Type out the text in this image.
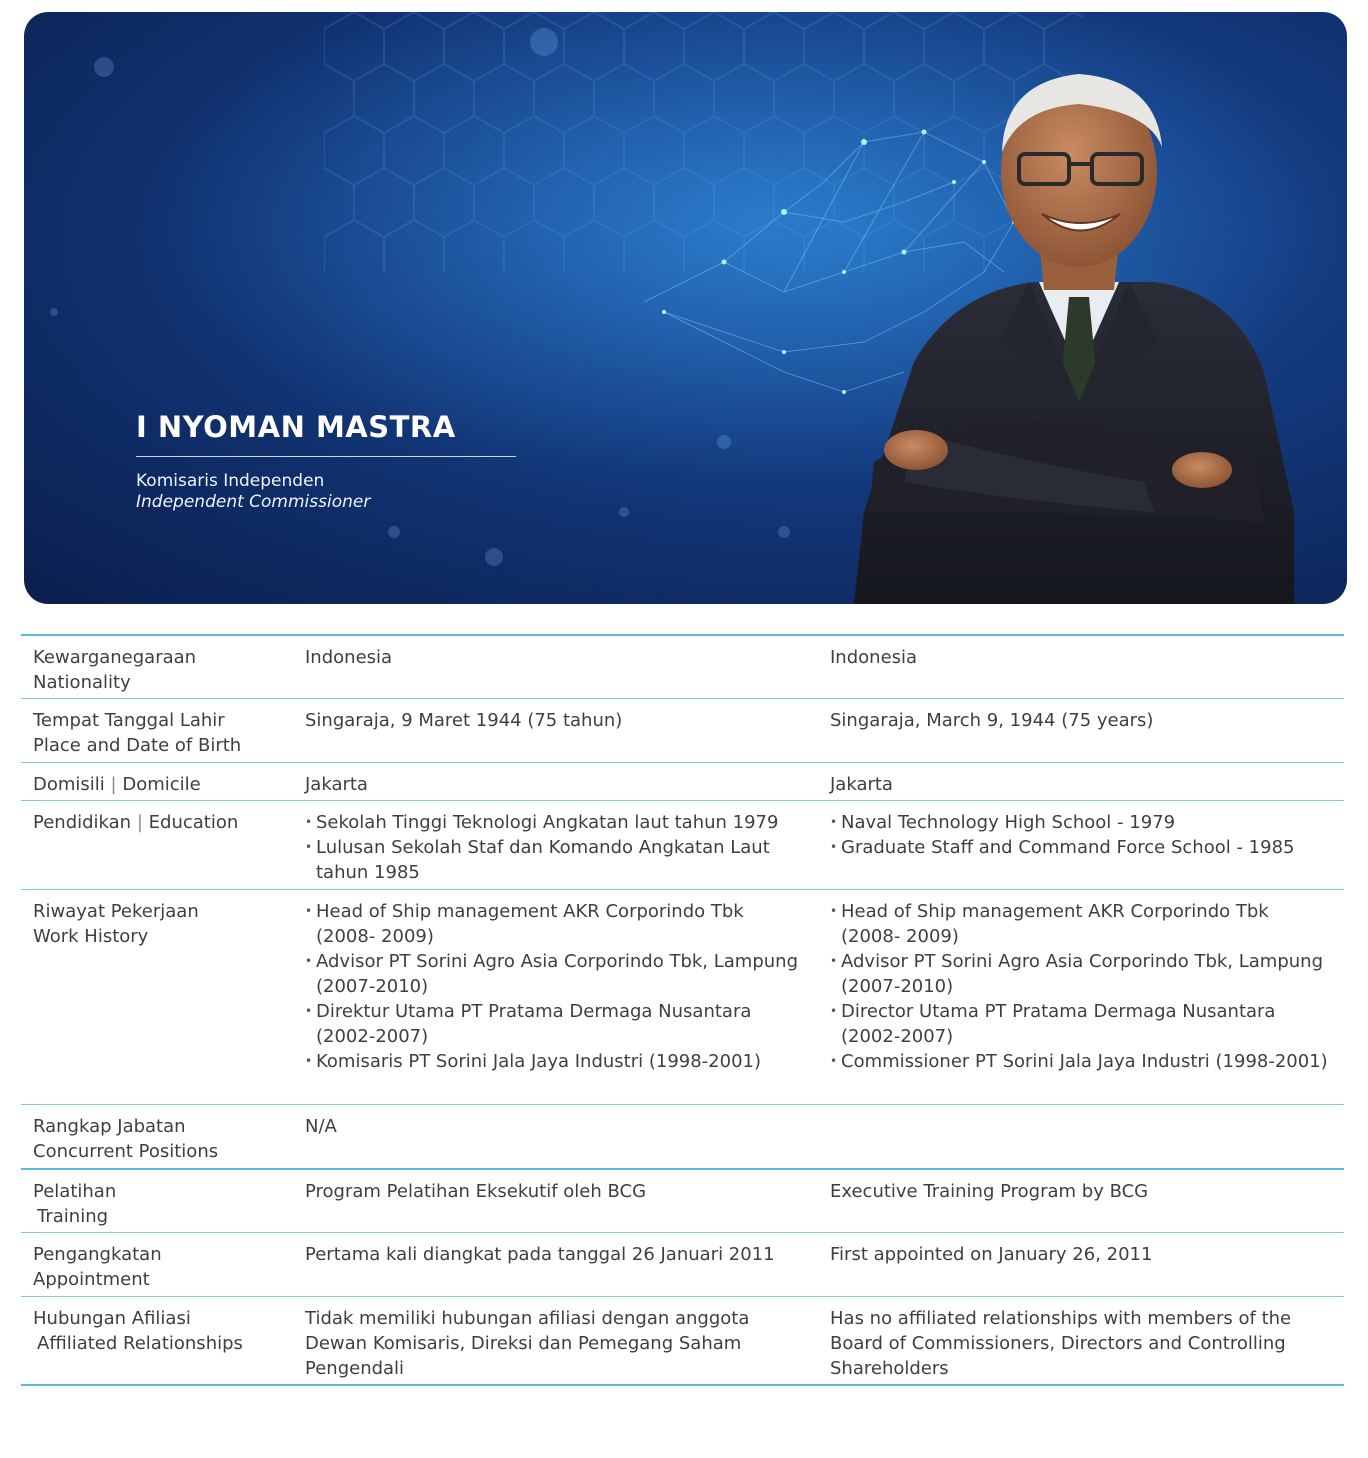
I NYOMAN MASTRA
Komisaris Independen
Independent Commissioner
Kewarganegaraan
Nationality
Indonesia	Indonesia
Tempat Tanggal Lahir
Place and Date of Birth
Singaraja, 9 Maret 1944 (75 tahun)	Singaraja, March 9, 1944 (75 years)
Domisili | Domicile	Jakarta	Jakarta
Pendidikan | Education
•	Sekolah Tinggi Teknologi Angkatan laut tahun 1979
• Lulusan Sekolah Staf dan Komando Angkatan Laut tahun 1985
• Naval Technology High School - 1979
• Graduate Staff and Command Force School - 1985
Riwayat Pekerjaan
Work History
• Head of Ship management AKR Corporindo Tbk (2008- 2009)
• Advisor PT Sorini Agro Asia Corporindo Tbk, Lampung (2007-2010)
• Direktur Utama PT Pratama Dermaga Nusantara (2002-2007)
• Komisaris PT Sorini Jala Jaya Industri (1998-2001)
• Head of Ship management AKR Corporindo Tbk (2008- 2009)
• Advisor PT Sorini Agro Asia Corporindo Tbk, Lampung (2007-2010)
• Director Utama PT Pratama Dermaga Nusantara (2002-2007)
• Commissioner PT Sorini Jala Jaya Industri (1998-2001)
Rangkap Jabatan
Concurrent Positions
N/A
Pelatihan
Training
Program Pelatihan Eksekutif oleh BCG	Executive Training Program by BCG
Pengangkatan
Appointment
Pertama kali diangkat pada tanggal 26 Januari 2011	First appointed on January 26, 2011
Hubungan Afiliasi
Affiliated Relationships
Tidak memiliki hubungan afiliasi dengan anggota Dewan Komisaris, Direksi dan Pemegang Saham Pengendali
Has no affiliated relationships with members of the Board of Commissioners, Directors and Controlling Shareholders
